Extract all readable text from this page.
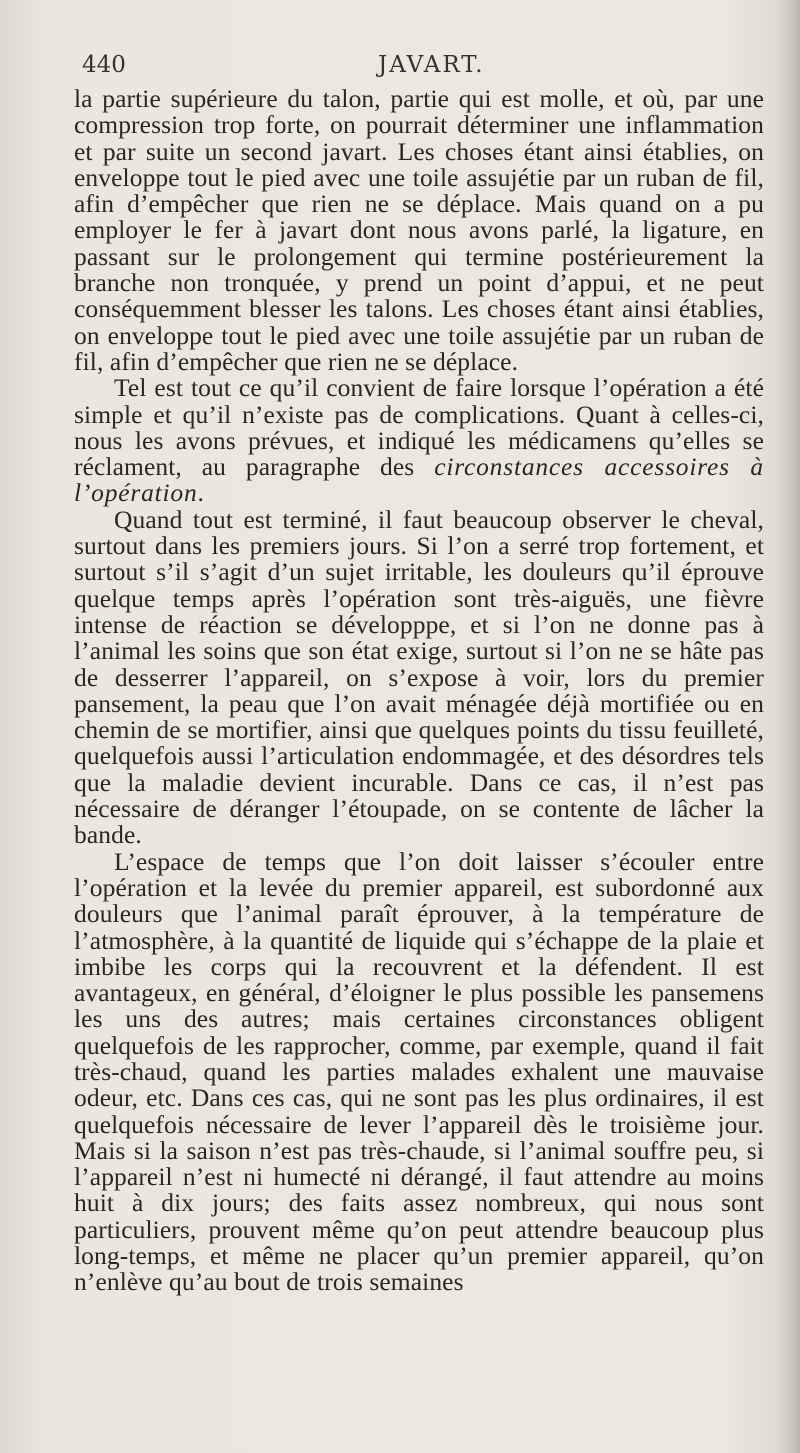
440	JAVART.

la partie supérieure du talon, partie qui est molle, et où, par une compression trop forte, on pourrait déterminer une inflammation et par suite un second javart. Les choses étant ainsi établies, on enveloppe tout le pied avec une toile assujétie par un ruban de fil, afin d’empêcher que rien ne se déplace. Mais quand on a pu employer le fer à javart dont nous avons parlé, la ligature, en passant sur le prolongement qui termine postérieurement la branche non tronquée, y prend un point d’appui, et ne peut conséquemment blesser les talons. Les choses étant ainsi établies, on enveloppe tout le pied avec une toile assujétie par un ruban de fil, afin d’empêcher que rien ne se déplace.

Tel est tout ce qu’il convient de faire lorsque l’opération a été simple et qu’il n’existe pas de complications. Quant à celles-ci, nous les avons prévues, et indiqué les médicamens qu’elles se réclament, au paragraphe des circonstances accessoires à l’opération.

Quand tout est terminé, il faut beaucoup observer le cheval, surtout dans les premiers jours. Si l’on a serré trop fortement, et surtout s’il s’agit d’un sujet irritable, les douleurs qu’il éprouve quelque temps après l’opération sont très-aiguës, une fièvre intense de réaction se développpe, et si l’on ne donne pas à l’animal les soins que son état exige, surtout si l’on ne se hâte pas de desserrer l’appareil, on s’expose à voir, lors du premier pansement, la peau que l’on avait ménagée déjà mortifiée ou en chemin de se mortifier, ainsi que quelques points du tissu feuilleté, quelquefois aussi l’articulation endommagée, et des désordres tels que la maladie devient incurable. Dans ce cas, il n’est pas nécessaire de déranger l’étoupade, on se contente de lâcher la bande.

L’espace de temps que l’on doit laisser s’écouler entre l’opération et la levée du premier appareil, est subordonné aux douleurs que l’animal paraît éprouver, à la température de l’atmosphère, à la quantité de liquide qui s’échappe de la plaie et imbibe les corps qui la recouvrent et la défendent. Il est avantageux, en général, d’éloigner le plus possible les pansemens les uns des autres; mais certaines circonstances obligent quelquefois de les rapprocher, comme, par exemple, quand il fait très-chaud, quand les parties malades exhalent une mauvaise odeur, etc. Dans ces cas, qui ne sont pas les plus ordinaires, il est quelquefois nécessaire de lever l’appareil dès le troisième jour. Mais si la saison n’est pas très-chaude, si l’animal souffre peu, si l’appareil n’est ni humecté ni dérangé, il faut attendre au moins huit à dix jours; des faits assez nombreux, qui nous sont particuliers, prouvent même qu’on peut attendre beaucoup plus long-temps, et même ne placer qu’un premier appareil, qu’on n’enlève qu’au bout de trois semaines
